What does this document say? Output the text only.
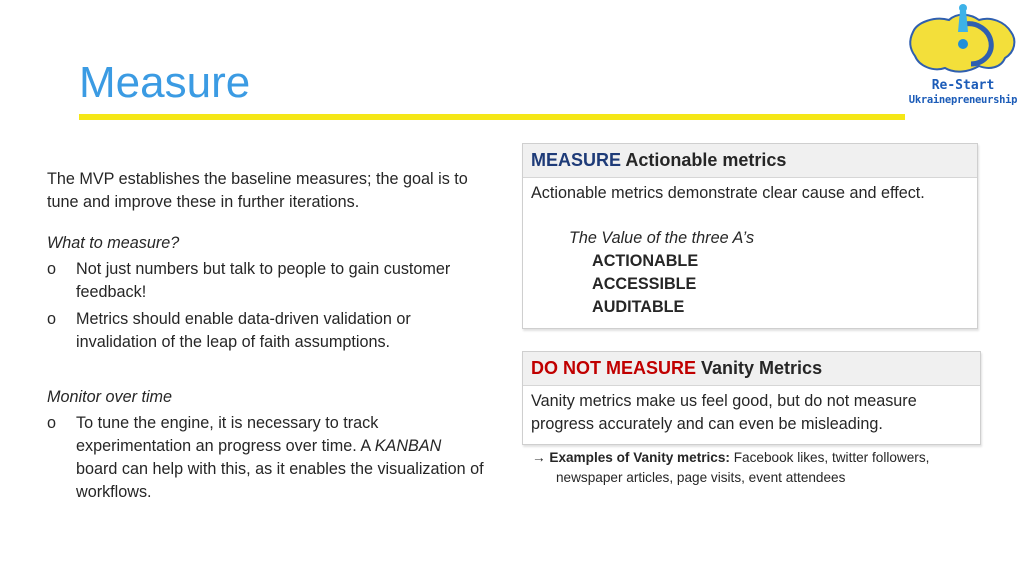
Measure	Re-Start
Ukrainepreneurship

The MVP establishes the baseline measures; the goal is to tune and improve these in further iterations.

What to measure?

o Not just numbers but talk to people to gain customer feedback!
o Metrics should enable data-driven validation or invalidation of the leap of faith assumptions.

Monitor over time

o To tune the engine, it is necessary to track experimentation an progress over time. A KANBAN board can help with this, as it enables the visualization of workflows.
MEASURE Actionable metrics
Actionable metrics demonstrate clear cause and effect.
The Value of the three A’s
ACTIONABLE
ACCESSIBLE
AUDITABLE
DO NOT MEASURE Vanity Metrics
Vanity metrics make us feel good, but do not measure progress accurately and can even be misleading.
→ Examples of Vanity metrics: Facebook likes, twitter followers,
newspaper articles, page visits, event attendees
